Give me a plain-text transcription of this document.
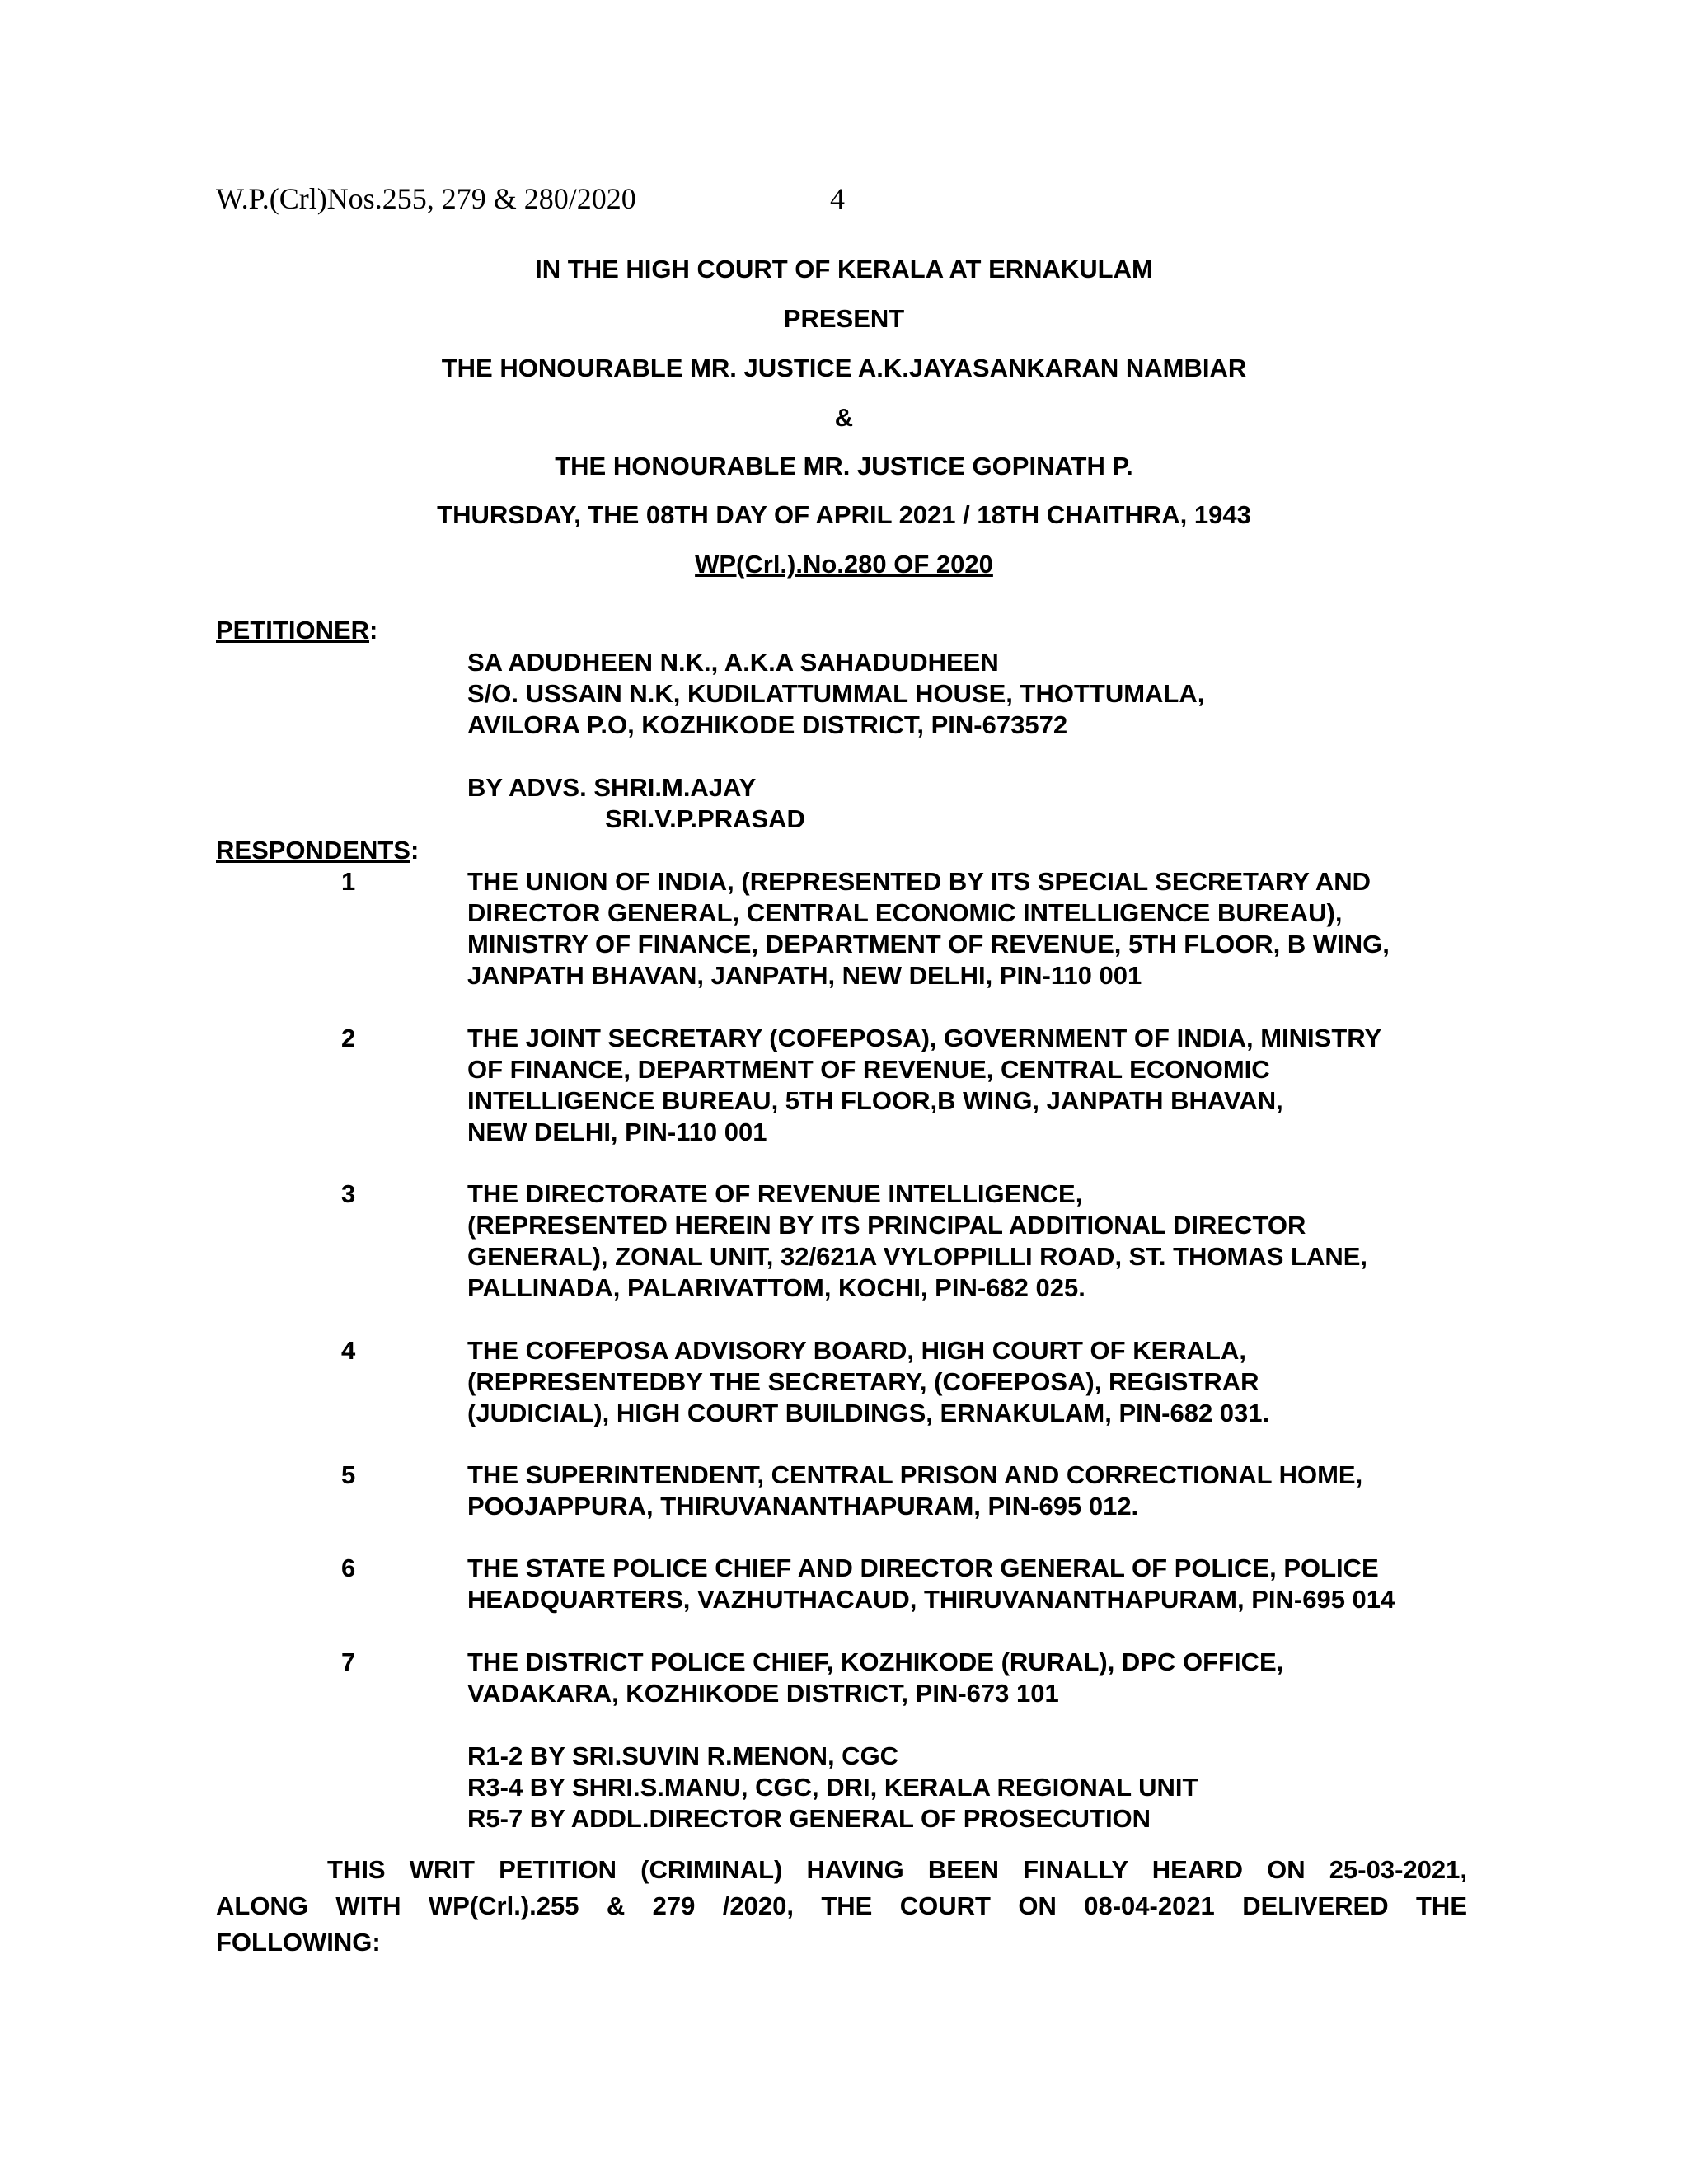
W.P.(Crl)Nos.255, 279 & 280/2020	4
IN THE HIGH COURT OF KERALA AT ERNAKULAM
PRESENT
THE HONOURABLE MR. JUSTICE A.K.JAYASANKARAN NAMBIAR
&
THE HONOURABLE MR. JUSTICE GOPINATH P.
THURSDAY, THE 08TH DAY OF APRIL 2021 / 18TH CHAITHRA, 1943
WP(Crl.).No.280 OF 2020
PETITIONER:
SA ADUDHEEN N.K., A.K.A SAHADUDHEEN
S/O. USSAIN N.K, KUDILATTUMMAL HOUSE, THOTTUMALA,
AVILORA P.O, KOZHIKODE DISTRICT, PIN-673572
BY ADVS. SHRI.M.AJAY
SRI.V.P.PRASAD
RESPONDENTS:
1	THE UNION OF INDIA, (REPRESENTED BY ITS SPECIAL SECRETARY AND
DIRECTOR GENERAL, CENTRAL ECONOMIC INTELLIGENCE BUREAU),
MINISTRY OF FINANCE, DEPARTMENT OF REVENUE, 5TH FLOOR, B WING,
JANPATH BHAVAN, JANPATH, NEW DELHI, PIN-110 001
2	THE JOINT SECRETARY (COFEPOSA), GOVERNMENT OF INDIA, MINISTRY
OF FINANCE, DEPARTMENT OF REVENUE, CENTRAL ECONOMIC
INTELLIGENCE BUREAU, 5TH FLOOR,B WING, JANPATH BHAVAN,
NEW DELHI, PIN-110 001
3	THE DIRECTORATE OF REVENUE INTELLIGENCE,
(REPRESENTED HEREIN BY ITS PRINCIPAL ADDITIONAL DIRECTOR
GENERAL), ZONAL UNIT, 32/621A VYLOPPILLI ROAD, ST. THOMAS LANE,
PALLINADA, PALARIVATTOM, KOCHI, PIN-682 025.
4	THE COFEPOSA ADVISORY BOARD, HIGH COURT OF KERALA,
(REPRESENTEDBY THE SECRETARY, (COFEPOSA), REGISTRAR
(JUDICIAL), HIGH COURT BUILDINGS, ERNAKULAM, PIN-682 031.
5	THE SUPERINTENDENT, CENTRAL PRISON AND CORRECTIONAL HOME,
POOJAPPURA, THIRUVANANTHAPURAM, PIN-695 012.
6	THE STATE POLICE CHIEF AND DIRECTOR GENERAL OF POLICE, POLICE
HEADQUARTERS, VAZHUTHACAUD, THIRUVANANTHAPURAM, PIN-695 014
7	THE DISTRICT POLICE CHIEF, KOZHIKODE (RURAL), DPC OFFICE,
VADAKARA, KOZHIKODE DISTRICT, PIN-673 101
R1-2 BY SRI.SUVIN R.MENON, CGC
R3-4 BY SHRI.S.MANU, CGC, DRI, KERALA REGIONAL UNIT
R5-7 BY ADDL.DIRECTOR GENERAL OF PROSECUTION
THIS WRIT PETITION (CRIMINAL) HAVING BEEN FINALLY HEARD ON 25-03-2021,
ALONG WITH WP(Crl.).255 & 279 /2020, THE COURT ON 08-04-2021 DELIVERED THE
FOLLOWING:
